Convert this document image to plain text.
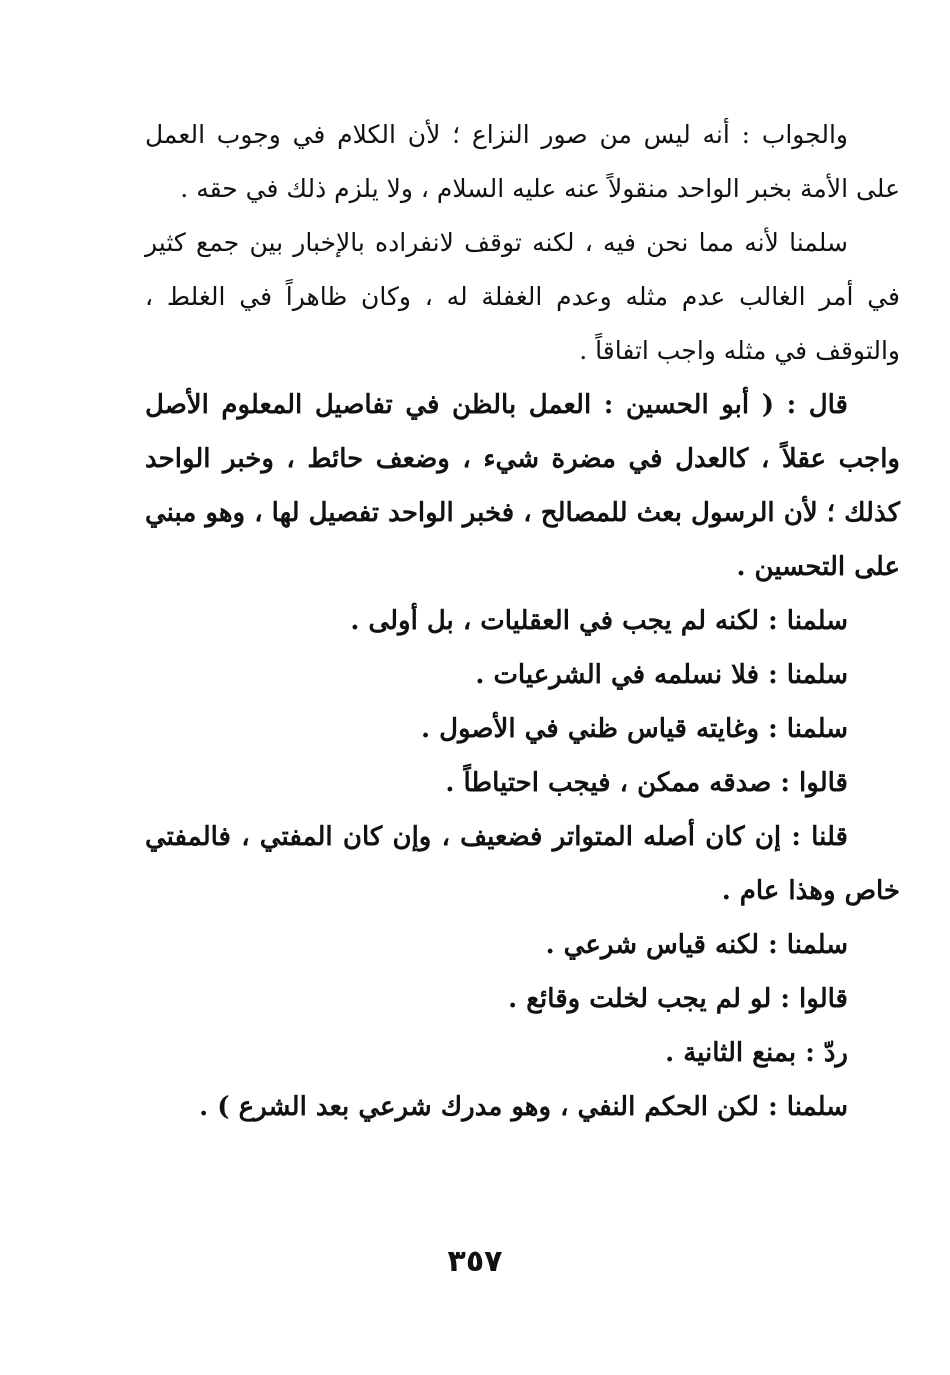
والجواب : أنه ليس من صور النزاع ؛ لأن الكلام في وجوب العمل على الأمة بخبر الواحد منقولاً عنه عليه السلام ، ولا يلزم ذلك في حقه .

سلمنا لأنه مما نحن فيه ، لكنه توقف لانفراده بالإخبار بين جمع كثير في أمر الغالب عدم مثله وعدم الغفلة له ، وكان ظاهراً في الغلط ، والتوقف في مثله واجب اتفاقاً .

قال : ( أبو الحسين : العمل بالظن في تفاصيل المعلوم الأصل واجب عقلاً ، كالعدل في مضرة شيء ، وضعف حائط ، وخبر الواحد كذلك ؛ لأن الرسول بعث للمصالح ، فخبر الواحد تفصيل لها ، وهو مبني على التحسين .

سلمنا : لكنه لم يجب في العقليات ، بل أولى .

سلمنا : فلا نسلمه في الشرعيات .

سلمنا : وغايته قياس ظني في الأصول .

قالوا : صدقه ممكن ، فيجب احتياطاً .

قلنا : إن كان أصله المتواتر فضعيف ، وإن كان المفتي ، فالمفتي خاص وهذا عام .

سلمنا : لكنه قياس شرعي .

قالوا : لو لم يجب لخلت وقائع .

ردّ : بمنع الثانية .

سلمنا : لكن الحكم النفي ، وهو مدرك شرعي بعد الشرع ) .

٣٥٧
